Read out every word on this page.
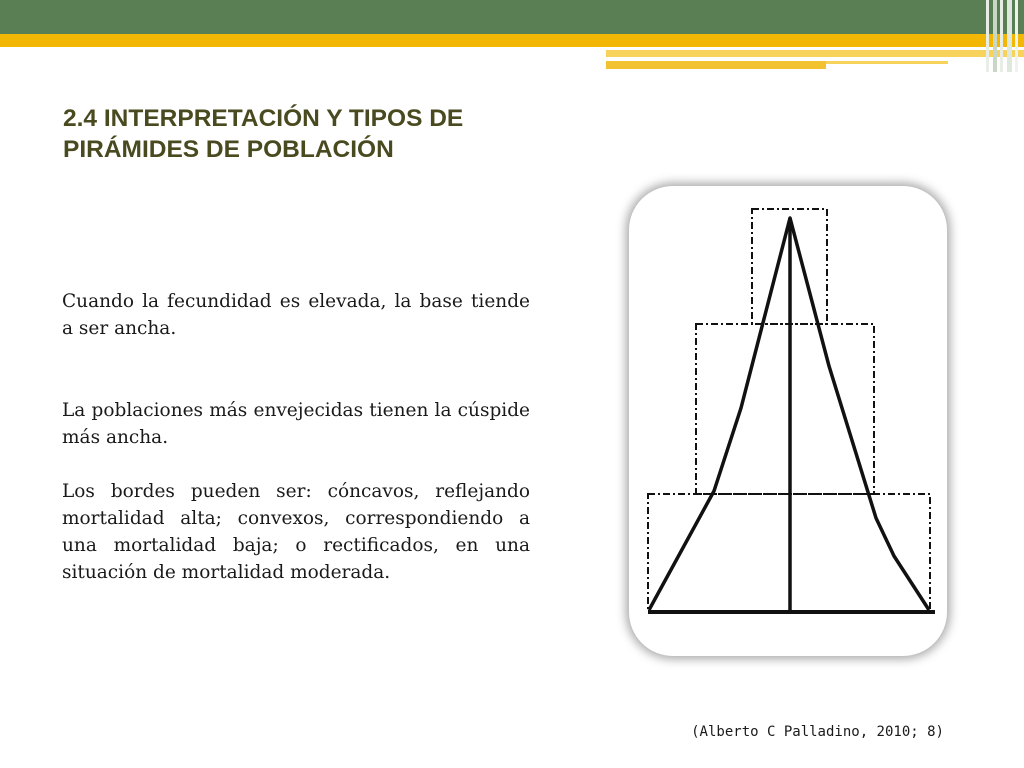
2.4 INTERPRETACIÓN Y TIPOS DE PIRÁMIDES DE POBLACIÓN

Cuando la fecundidad es elevada, la base tiende a ser ancha.

La poblaciones más envejecidas tienen la cúspide más ancha.

Los bordes pueden ser: cóncavos, reflejando mortalidad alta; convexos, correspondiendo a una mortalidad baja; o rectificados, en una situación de mortalidad moderada.

(Alberto C Palladino, 2010; 8)
